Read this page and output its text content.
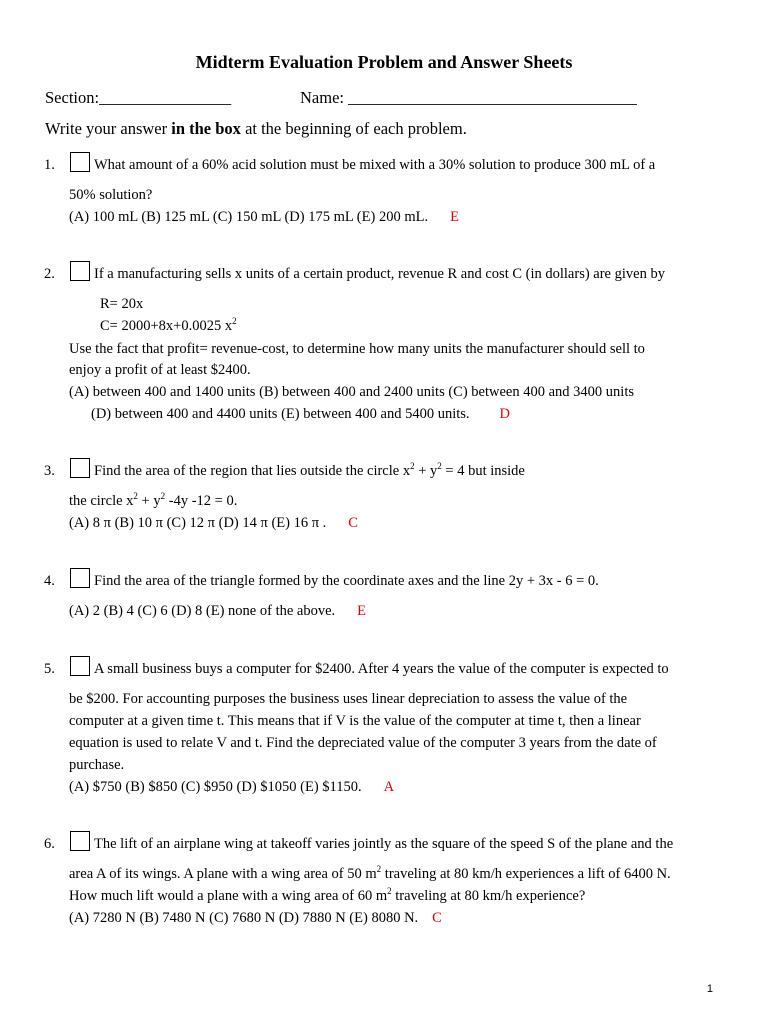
Midterm Evaluation Problem and Answer Sheets
Section:________________	Name: ___________________________________
Write your answer in the box at the beginning of each problem.
1.	What amount of a 60% acid solution must be mixed with a 30% solution to produce 300 mL of a
50% solution?
(A) 100 mL (B) 125 mL (C) 150 mL (D) 175 mL (E) 200 mL. E
2.	If a manufacturing sells x units of a certain product, revenue R and cost C (in dollars) are given by
R= 20x
C= 2000+8x+0.0025 $x^2$
Use the fact that profit= revenue-cost, to determine how many units the manufacturer should sell to
enjoy a profit of at least $2400.
(A) between 400 and 1400 units (B) between 400 and 2400 units (C) between 400 and 3400 units
(D) between 400 and 4400 units (E) between 400 and 5400 units. D
3.	Find the area of the region that lies outside the circle $x^2 + y^2 = 4$ but inside
the circle $x^2 + y^2$ -4y -12 = 0.
(A) 8 π (B) 10 π (C) 12 π (D) 14 π (E) 16 π . C
4.	Find the area of the triangle formed by the coordinate axes and the line 2y + 3x - 6 = 0.
(A) 2 (B) 4 (C) 6 (D) 8 (E) none of the above. E
5.	A small business buys a computer for $2400. After 4 years the value of the computer is expected to
be $200. For accounting purposes the business uses linear depreciation to assess the value of the
computer at a given time t. This means that if V is the value of the computer at time t, then a linear
equation is used to relate V and t. Find the depreciated value of the computer 3 years from the date of
purchase.
(A) $750 (B) $850 (C) $950 (D) $1050 (E) $1150. A
6.	The lift of an airplane wing at takeoff varies jointly as the square of the speed S of the plane and the
area A of its wings. A plane with a wing area of 50 $m^2$ traveling at 80 km/h experiences a lift of 6400 N.
How much lift would a plane with a wing area of 60 $m^2$ traveling at 80 km/h experience?
(A) 7280 N (B) 7480 N (C) 7680 N (D) 7880 N (E) 8080 N. C
1
